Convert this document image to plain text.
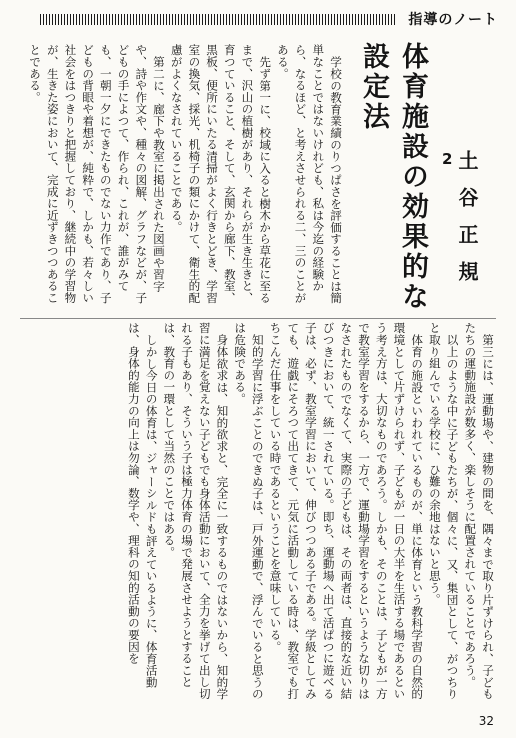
指導のノート
体育施設の効果的な設定法
2 土谷正規

学校の教育業績のりつぱさを評価することは簡単なことではないけれども、私は今迄の経験から、なるほど、と考えさせられる二、三のことがある。

先ず第一に、校域に入ると樹木から草花に至るまで、沢山の植樹があり、それらが生き生きと、育つていること、そして、玄関から廊下、教室、黒板、便所にいたる清掃がよく行きとどき、学習室の換気、採光、机椅子の類にかけて、衛生的配慮がよくなされていることである。

第二に、廊下や教室に掲出された図画や習字や、詩や作文や、種々の図解、グラフなどが、子どもの手によつて、作られ、これが、誰がみても、一朝一夕にできたものでない力作であり、子どもの背眼や着想が、純粋で、しかも、若々しい社会をはつきりと把握しており、継続中の学習物が、生きた姿において、完成に近ずきつつあることである。

第三には、運動場や、建物の間を、隅々まで取り片ずけられ、子どもたちの運動施設が数多く、楽しそうに配置されていることであろう。

以上のような中に子どもたちが、個々に、又、集団として、がつちりと取り組んでいる学校に、ひ難の余地はないと思う。

体育の施設といわれているものが、単に体育という教科学習の自然的環境として片ずけられず、子どもが一日の大半を生活する場であるという考え方は、大切なものであろう。しかも、そのことは、子どもが一方で教室学習をするから、一方で、運動場学習をするというような切りはなされたものでなくて、実際の子どもは、その両者は、直接的な近い結びつきにおいて、統一されている。即ち、運動場へ出て活ぱつに遊べる子は、必ず、教室学習において、伸びつつある子である。学級としてみても、遊戯にそろつて出てきて、元気に活動している時は、教室でも打ちこんだ仕事をしている時であるということを意味している。

知的学習に浮ぶことのできぬ子は、戸外運動で、浮んでいると思うのは危険である。

身体欲求は、知的欲求と、完全に一致するものではないから、知的学習に満足を覚えない子どもでも身体活動において、全力を挙げて出し切れる子もあり、そういう子は極力体育の場で発展させようとすることは、教育の一環として当然のことではある。

しかし今日の体育は、ジャーシルドも評えているように、体育活動は、身体的能力の向上は勿論、数学や、理科の知的活動の要因を

32
